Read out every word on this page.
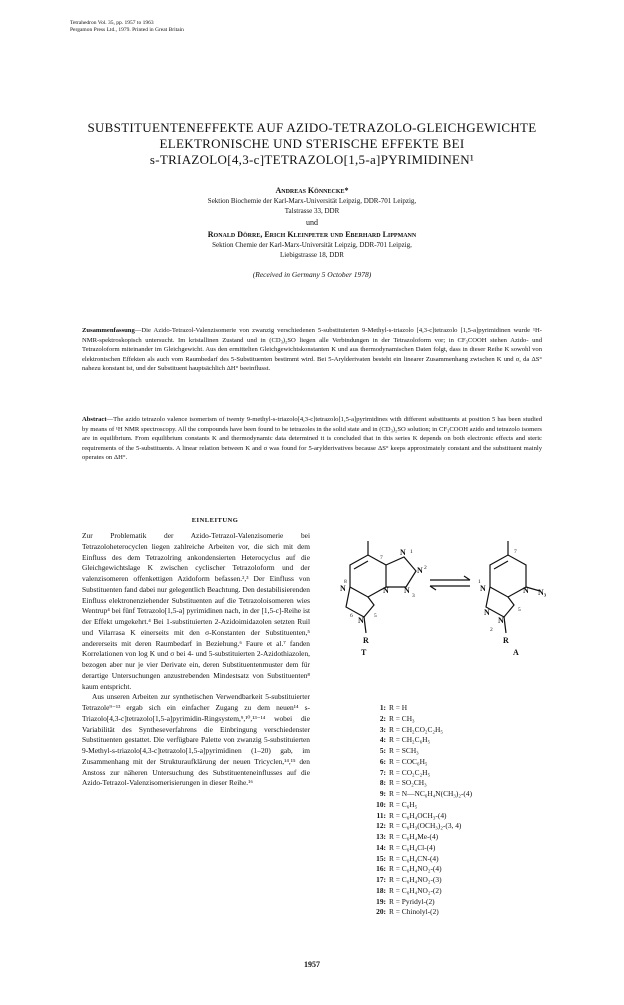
Tetrahedron Vol. 35, pp. 1957 to 1963
Pergamon Press Ltd., 1979. Printed in Great Britain
SUBSTITUENTENEFFEKTE AUF AZIDO-TETRAZOLO-GLEICHGEWICHTE
ELEKTRONISCHE UND STERISCHE EFFEKTE BEI
s-TRIAZOLO[4,3-c]TETRAZOLO[1,5-a]PYRIMIDINEN¹
Andreas Könnecke*
Sektion Biochemie der Karl-Marx-Universität Leipzig, DDR-701 Leipzig,
Talstrasse 33, DDR
und
Ronald Dörre, Erich Kleinpeter und Eberhard Lippmann
Sektion Chemie der Karl-Marx-Universität Leipzig, DDR-701 Leipzig,
Liebigstrasse 18, DDR
(Received in Germany 5 October 1978)
Zusammenfassung—Die Azido-Tetrazol-Valenzisomerie von zwanzig verschiedenen 5-substituierten 9-Methyl-s-triazolo [4,3-c]tetrazolo [1,5-a]pyrimidinen wurde ¹H-NMR-spektroskopisch untersucht. Im kristallinen Zustand und in (CD₃)₂SO liegen alle Verbindungen in der Tetrazoloform vor; in CF₃COOH stehen Azido- und Tetrazoloform miteinander im Gleichgewicht. Aus den ermittelten Gleichgewichtskonstanten K und aus thermodynamischen Daten folgt, dass in dieser Reihe K sowohl von elektronischen Effekten als auch vom Raumbedarf des 5-Substituenten bestimmt wird. Bei 5-Arylderivaten besteht ein linearer Zusammenhang zwischen K und σ, da ΔS° nahezu konstant ist, und der Substituent hauptsächlich ΔH° beeinflusst.
Abstract—The azido tetrazolo valence isomerism of twenty 9-methyl-s-triazolo[4,3-c]tetrazolo[1,5-a]pyrimidines with different substituents at position 5 has been studied by means of ¹H NMR spectroscopy. All the compounds have been found to be tetrazoles in the solid state and in (CD₃)₂SO solution; in CF₃COOH azido and tetrazolo isomers are in equilibrium. From equilibrium constants K and thermodynamic data determined it is concluded that in this series K depends on both electronic effects and steric requirements of the 5-substituents. A linear relation between K and σ was found for 5-arylderivatives because ΔS° keeps approximately constant and the substituent mainly operates on ΔH°.
EINLEITUNG

Zur Problematik der Azido-Tetrazol-Valenzisomerie bei Tetrazoloheterocyclen liegen zahlreiche Arbeiten vor, die sich mit dem Einfluss des dem Tetrazolring ankondensierten Heterocyclus auf die Gleichgewichtslage K zwischen cyclischer Tetrazoloform und der valenzisomeren offenkettigen Azidoform befassen.²,³ Der Einfluss von Substituenten fand dabei nur gelegentlich Beachtung. Den destabilisierenden Einfluss elektronenziehender Substituenten auf die Tetrazoloisomeren wies Wentrup⁴ bei fünf Tetrazolo[1,5-a] pyrimidinen nach, in der [1,5-c]-Reihe ist der Effekt umgekehrt.⁴ Bei 1-substituierten 2-Azidoimidazolen setzten Ruil und Vilarrasa K einerseits mit den σ-Konstanten der Substituenten,⁵ andererseits mit deren Raumbedarf in Beziehung.⁶ Faure et al.⁷ fanden Korrelationen von log K und σ bei 4- und 5-substituierten 2-Azidothiazolen, bezogen aber nur je vier Derivate ein, deren Substituentenmuster dem für derartige Untersuchungen anzustrebenden Mindestsatz von Substituenten⁸ kaum entspricht.

Aus unseren Arbeiten zur synthetischen Verwendbarkeit 5-substituierter Tetrazole⁹⁻¹³ ergab sich ein einfacher Zugang zu dem neuen¹⁴ s-Triazolo[4,3-c]tetrazolo[1,5-a]pyrimidin-Ringsystem,⁹,¹⁰,¹³⁻¹⁴ wobei die Variabilität des Syntheseverfahrens die Einbringung verschiedenster Substituenten gestattet. Die verfügbare Palette von zwanzig 5-substituierten 9-Methyl-s-triazolo[4,3-c]tetrazolo[1,5-a]pyrimidinen (1–20) gab, im Zusammenhang mit der Strukturaufklärung der neuen Tricyclen,¹⁴,¹⁵ den Anstoss zur näheren Untersuchung des Substituenteneinflusses auf die Azido-Tetrazol-Valenzisomerisierungen in dieser Reihe.¹⁶

N
N
N
N
N
N
R
N	N
N
N
N₃
R
8
1
2
3
5
7
6
7
1
5
2
T	A
1: R = H
2: R = CH₃
3: R = CH₂CO₂C₂H₅
4: R = CH₂C₆H₅
5: R = SCH₃
6: R = COC₆H₅
7: R = CO₂C₂H₅
8: R = SO₂CH₃
9: R = N—NC₆H₄N(CH₃)₂-(4)
10: R = C₆H₅
11: R = C₆H₄OCH₃-(4)
12: R = C₆H₃(OCH₃)₂-(3, 4)
13: R = C₆H₄Me-(4)
14: R = C₆H₄Cl-(4)
15: R = C₆H₄CN-(4)
16: R = C₆H₄NO₂-(4)
17: R = C₆H₄NO₂-(3)
18: R = C₆H₄NO₂-(2)
19: R = Pyridyl-(2)
20: R = Chinolyl-(2)
1957
